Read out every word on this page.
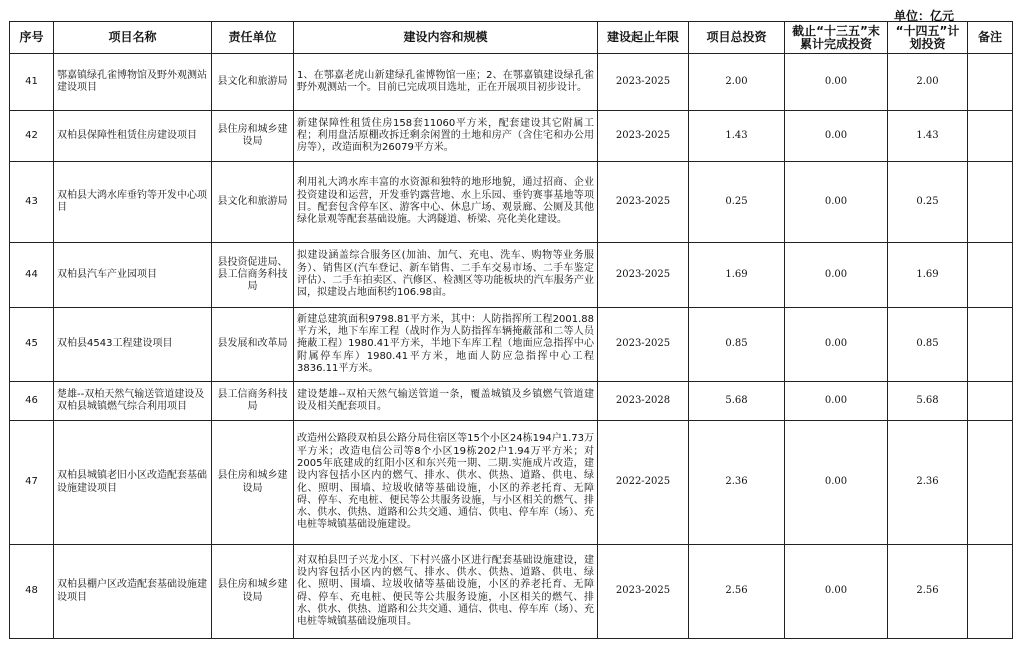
单位：亿元
序号	项目名称	责任单位	建设内容和规模	建设起止年限	项目总投资	截止“十三五”末累计完成投资	“十四五”计划投资	备注
41	鄂嘉镇绿孔雀博物馆及野外观测站建设项目	县文化和旅游局	1、在鄂嘉老虎山新建绿孔雀博物馆一座；2、在鄂嘉镇建设绿孔雀野外观测站一个。目前已完成项目选址，正在开展项目初步设计。	2023-2025	2.00	0.00	2.00	
42	双柏县保障性租赁住房建设项目	县住房和城乡建设局	新建保障性租赁住房158套11060平方米，配套建设其它附属工程；利用盘活原棚改拆迁剩余闲置的土地和房产（含住宅和办公用房等），改造面积为26079平方米。	2023-2025	1.43	0.00	1.43	
43	双柏县大鸿水库垂钓等开发中心项目	县文化和旅游局	利用礼大鸿水库丰富的水资源和独特的地形地貌，通过招商、企业投资建设和运营，开发垂钓露营地、水上乐园、垂钓赛事基地等项目。配套包含停车区、游客中心、休息广场、观景廊、公厕及其他绿化景观等配套基础设施。大鸿隧道、桥梁、亮化美化建设。	2023-2025	0.25	0.00	0.25	
44	双柏县汽车产业园项目	县投资促进局、县工信商务科技局	拟建设涵盖综合服务区(加油、加气、充电、洗车、购物等业务服务）、销售区(汽车登记、新车销售、二手车交易市场、二手车鉴定评估）、二手车拍卖区、汽修区、检测区等功能板块的汽车服务产业园，拟建设占地面积约106.98亩。	2023-2025	1.69	0.00	1.69	
45	双柏县4543工程建设项目	县发展和改革局	新建总建筑面积9798.81平方米，其中：人防指挥所工程2001.88平方米，地下车库工程（战时作为人防指挥车辆掩蔽部和二等人员掩蔽工程）1980.41平方米，半地下车库工程（地面应急指挥中心附属停车库）1980.41平方米，地面人防应急指挥中心工程3836.11平方米。	2023-2025	0.85	0.00	0.85	
46	楚雄--双柏天然气输送管道建设及双柏县城镇燃气综合利用项目	县工信商务科技局	建设楚雄--双柏天然气输送管道一条，覆盖城镇及乡镇燃气管道建设及相关配套项目。	2023-2028	5.68	0.00	5.68	
47	双柏县城镇老旧小区改造配套基础设施建设项目	县住房和城乡建设局	改造州公路段双柏县公路分局住宿区等15个小区24栋194户1.73万平方米；改造电信公司等8个小区19栋202户1.94万平方米；对2005年底建成的红阳小区和东兴苑一期、二期.实施成片改造，建设内容包括小区内的燃气、排水、供水、供热、道路、供电、绿化、照明、围墙、垃圾收储等基础设施，小区的养老托育、无障碍、停车、充电桩、便民等公共服务设施，与小区相关的燃气、排水、供水、供热、道路和公共交通、通信、供电、停车库（场）、充电桩等城镇基础设施建设。	2022-2025	2.36	0.00	2.36	
48	双柏县棚户区改造配套基础设施建设项目	县住房和城乡建设局	对双柏县凹子兴龙小区、下村兴盛小区进行配套基础设施建设，建设内容包括小区内的燃气、排水、供水、供热、道路、供电、绿化、照明、围墙、垃圾收储等基础设施，小区的养老托育、无障碍、停车、充电桩、便民等公共服务设施，小区相关的燃气、排水、供水、供热、道路和公共交通、通信、供电、停车库（场）、充电桩等城镇基础设施项目。	2023-2025	2.56	0.00	2.56	
